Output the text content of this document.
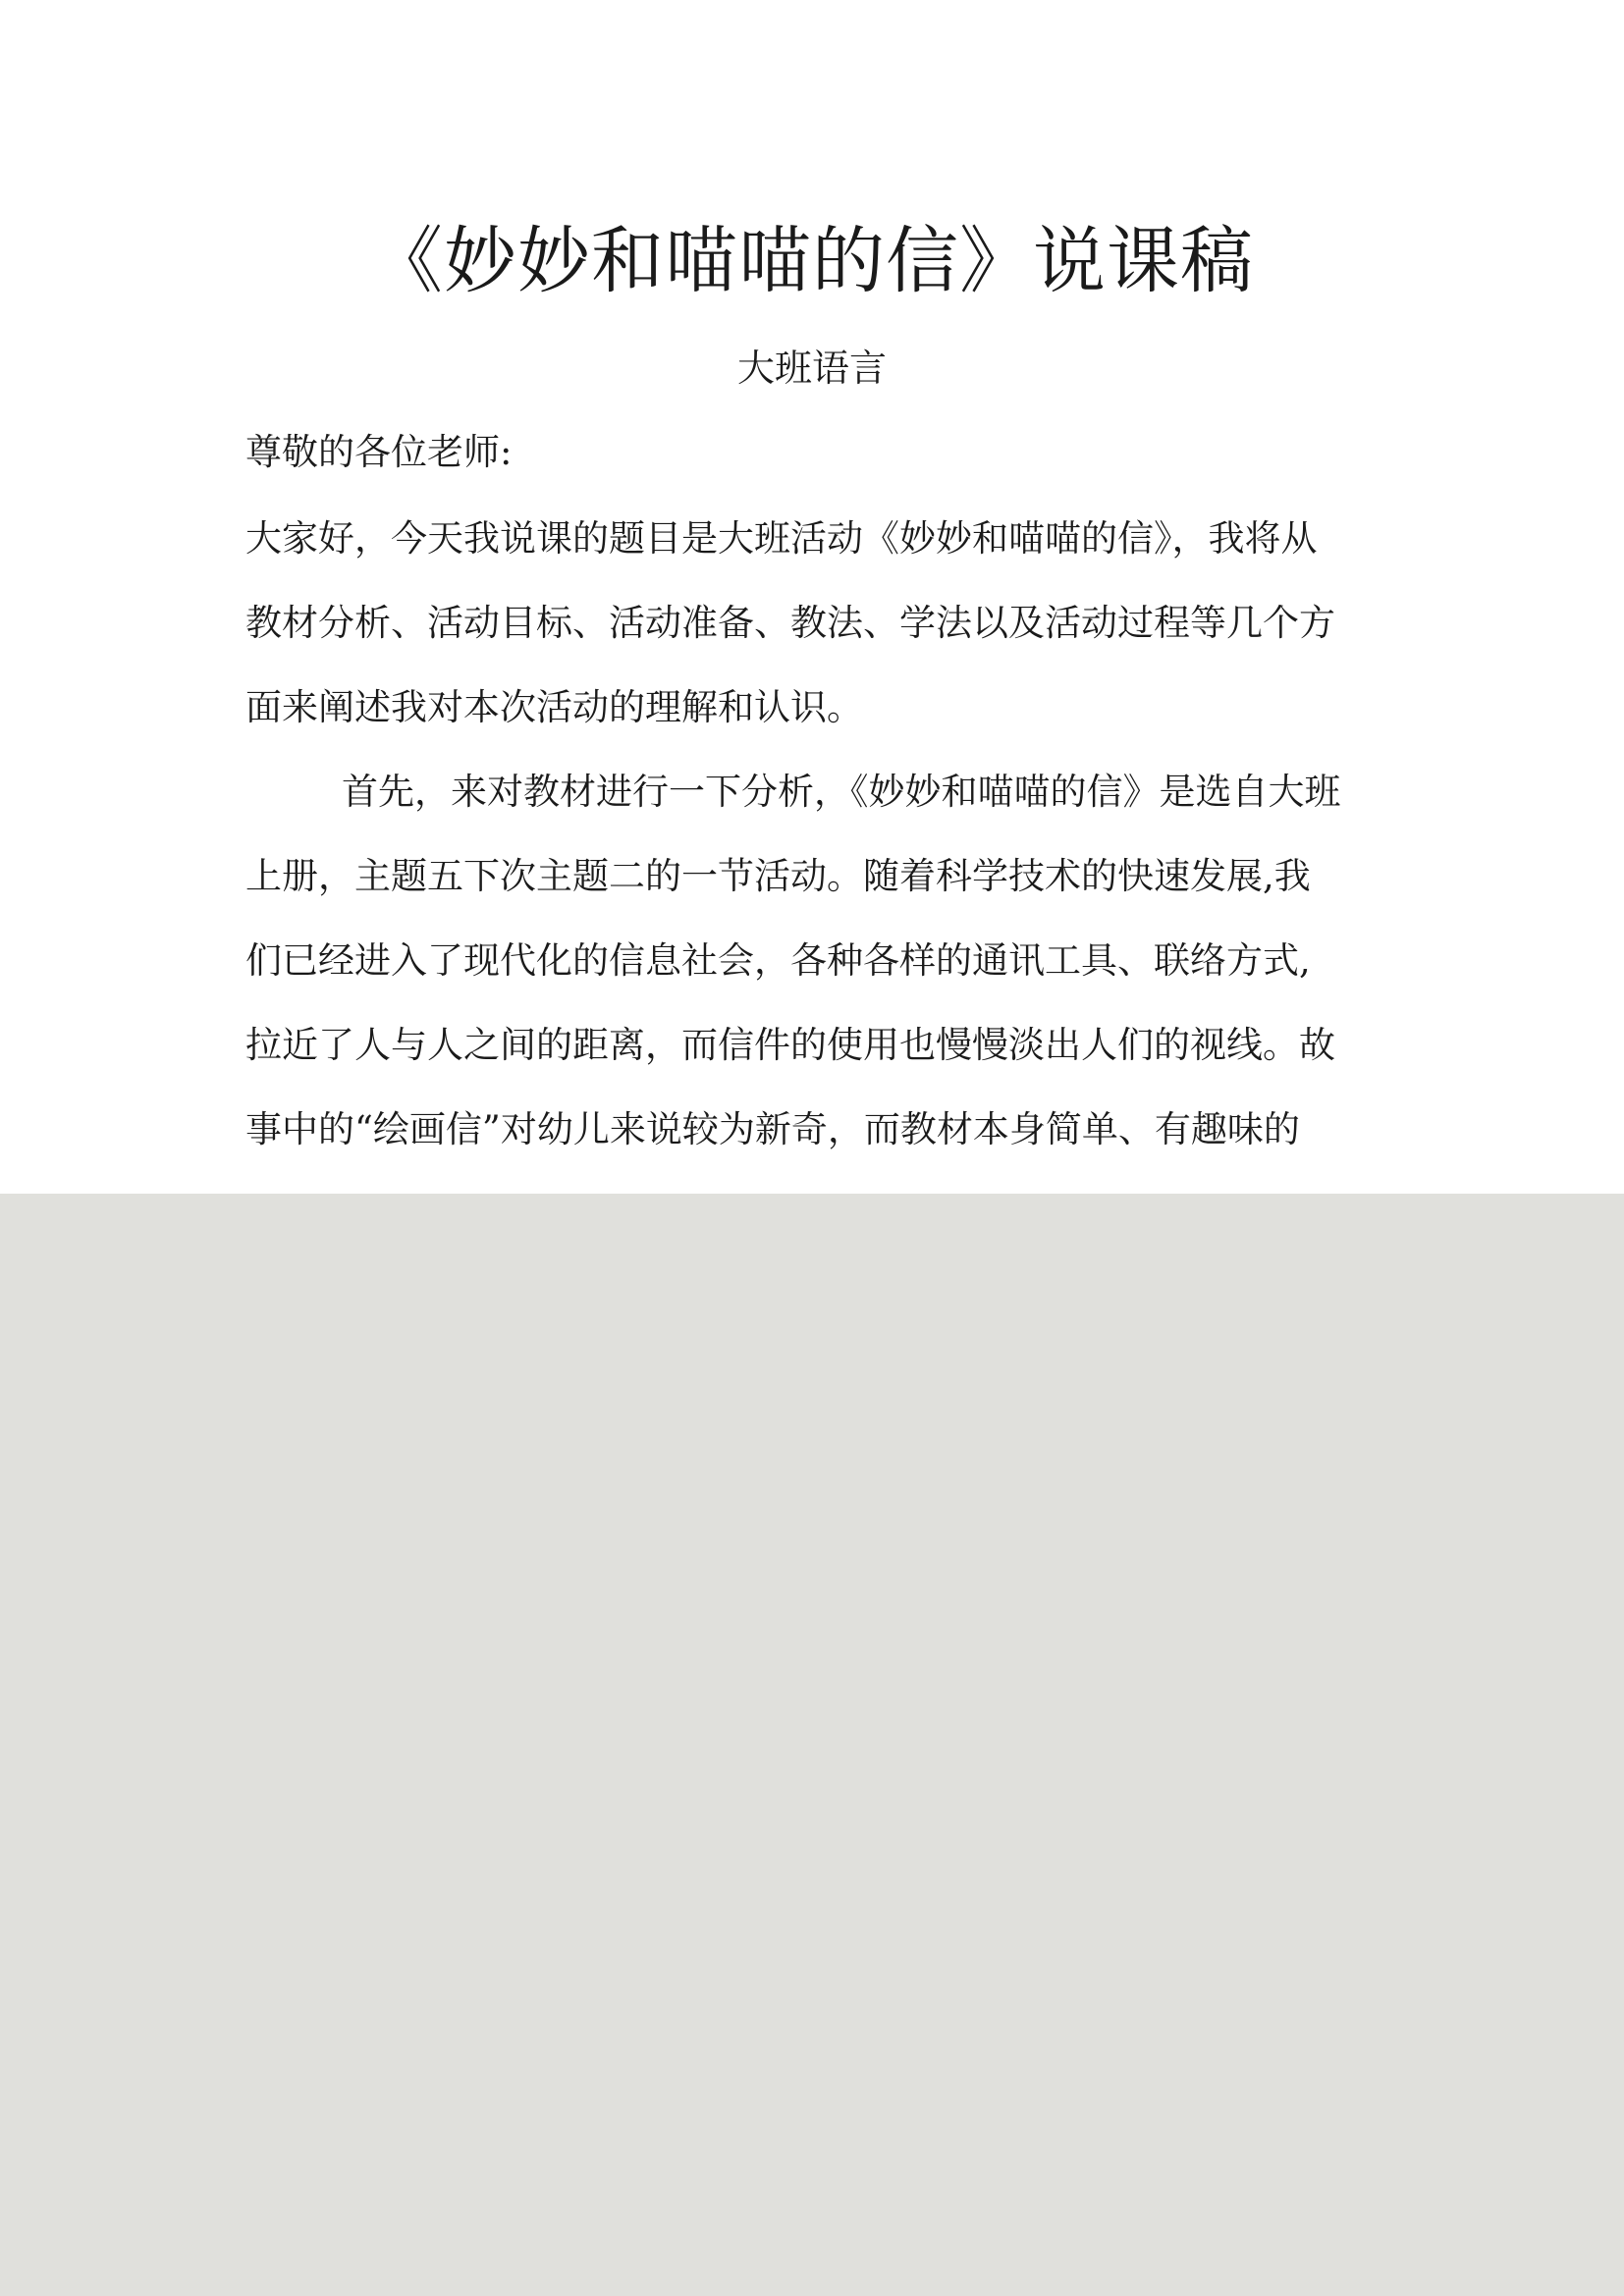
《妙妙和喵喵的信》说课稿

大班语言

尊敬的各位老师:

大家好，今天我说课的题目是大班活动《妙妙和喵喵的信》，我将从
教材分析、活动目标、活动准备、教法、学法以及活动过程等几个方
面来阐述我对本次活动的理解和认识。
首先，来对教材进行一下分析，《妙妙和喵喵的信》是选自大班
上册，主题五下次主题二的一节活动。随着科学技术的快速发展,我
们已经进入了现代化的信息社会，各种各样的通讯工具、联络方式,
拉近了人与人之间的距离，而信件的使用也慢慢淡出人们的视线。故
事中的“绘画信”对幼儿来说较为新奇，而教材本身简单、有趣味的
